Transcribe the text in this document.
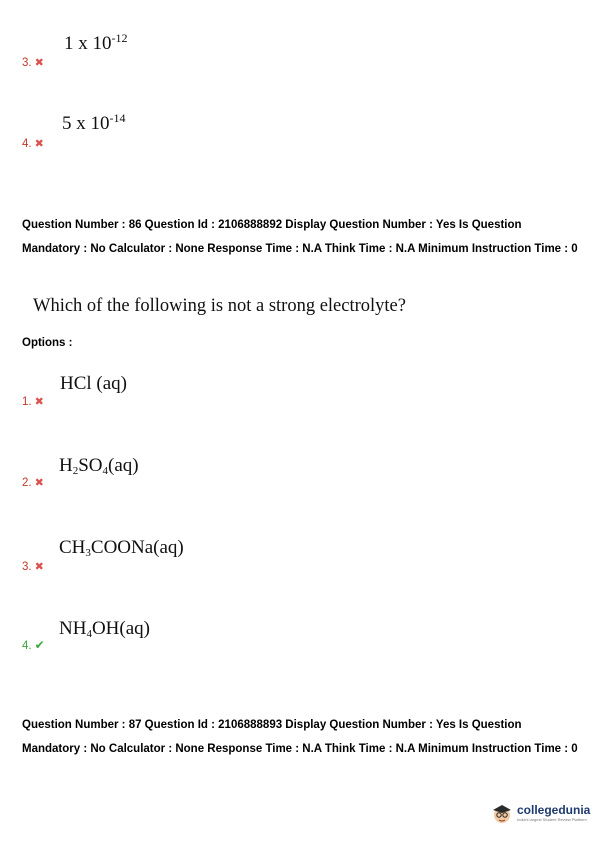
1 x $10^{-12}$
3. ✖
5 x $10^{-14}$
4. ✖
Question Number : 86 Question Id : 2106888892 Display Question Number : Yes Is Question Mandatory : No Calculator : None Response Time : N.A Think Time : N.A Minimum Instruction Time : 0
Which of the following is not a strong electrolyte?
Options :
HCl (aq)
1. ✖
$H_2SO_4(aq)$
2. ✖
$CH_3COONa(aq)$
3. ✖
$NH_4OH(aq)$
4. ✔
Question Number : 87 Question Id : 2106888893 Display Question Number : Yes Is Question Mandatory : No Calculator : None Response Time : N.A Think Time : N.A Minimum Instruction Time : 0
collegedunia
India's largest Student Review Platform
